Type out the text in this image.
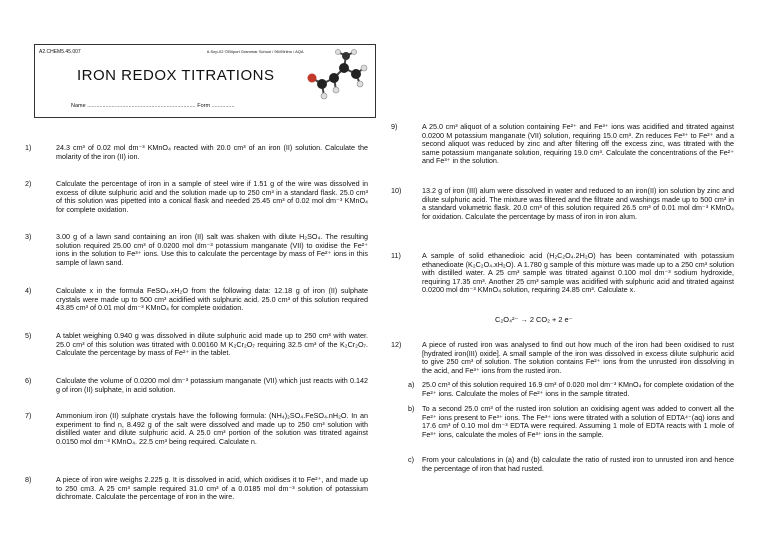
A2.CHEM5.45.007	6-Sep-02 ©Elliport Grammar School / 96/09rlino / AQA
IRON REDOX TITRATIONS
Name ....................................................................... Form ...............
1)	24.3 cm³ of 0.02 mol dm⁻³ KMnO₄ reacted with 20.0 cm³ of an iron (II) solution. Calculate the molarity of the iron (II) ion.

2)	Calculate the percentage of iron in a sample of steel wire if 1.51 g of the wire was dissolved in excess of dilute sulphuric acid and the solution made up to 250 cm³ in a standard flask. 25.0 cm³ of this solution was pipetted into a conical flask and needed 25.45 cm³ of 0.02 mol dm⁻³ KMnO₄ for complete oxidation.

3)	3.00 g of a lawn sand containing an iron (II) salt was shaken with dilute H₂SO₄. The resulting solution required 25.00 cm³ of 0.0200 mol dm⁻³ potassium manganate (VII) to oxidise the Fe²⁺ ions in the solution to Fe³⁺ ions. Use this to calculate the percentage by mass of Fe²⁺ ions in this sample of lawn sand.

4)	Calculate x in the formula FeSO₄.xH₂O from the following data: 12.18 g of iron (II) sulphate crystals were made up to 500 cm³ acidified with sulphuric acid. 25.0 cm³ of this solution required 43.85 cm³ of 0.01 mol dm⁻³ KMnO₄ for complete oxidation.

5)	A tablet weighing 0.940 g was dissolved in dilute sulphuric acid made up to 250 cm³ with water. 25.0 cm³ of this solution was titrated with 0.00160 M K₂Cr₂O₇ requiring 32.5 cm³ of the K₂Cr₂O₇. Calculate the percentage by mass of Fe²⁺ in the tablet.

6)	Calculate the volume of 0.0200 mol dm⁻³ potassium manganate (VII) which just reacts with 0.142 g of iron (II) sulphate, in acid solution.

7)	Ammonium iron (II) sulphate crystals have the following formula: (NH₄)₂SO₄.FeSO₄.nH₂O. In an experiment to find n, 8.492 g of the salt were dissolved and made up to 250 cm³ solution with distilled water and dilute sulphuric acid. A 25.0 cm³ portion of the solution was titrated against 0.0150 mol dm⁻³ KMnO₄. 22.5 cm³ being required. Calculate n.

8)	A piece of iron wire weighs 2.225 g. It is dissolved in acid, which oxidises it to Fe²⁺, and made up to 250 cm3. A 25 cm³ sample required 31.0 cm³ of a 0.0185 mol dm⁻³ solution of potassium dichromate. Calculate the percentage of iron in the wire.

9)	A 25.0 cm³ aliquot of a solution containing Fe²⁺ and Fe³⁺ ions was acidified and titrated against 0.0200 M potassium manganate (VII) solution, requiring 15.0 cm³. Zn reduces Fe³⁺ to Fe²⁺ and a second aliquot was reduced by zinc and after filtering off the excess zinc, was titrated with the same potassium manganate solution, requiring 19.0 cm³. Calculate the concentrations of the Fe²⁺ and Fe³⁺ in the solution.

10)	13.2 g of iron (III) alum were dissolved in water and reduced to an iron(II) ion solution by zinc and dilute sulphuric acid. The mixture was filtered and the filtrate and washings made up to 500 cm³ in a standard volumetric flask. 20.0 cm³ of this solution required 26.5 cm³ of 0.01 mol dm⁻³ KMnO₄ for oxidation. Calculate the percentage by mass of iron in iron alum.

11)	A sample of solid ethanedioic acid (H₂C₂O₄.2H₂O) has been contaminated with potassium ethanedioate (K₂C₂O₄.xH₂O). A 1.780 g sample of this mixture was made up to a 250 cm³ solution with distilled water. A 25 cm³ sample was titrated against 0.100 mol dm⁻³ sodium hydroxide, requiring 17.35 cm³. Another 25 cm³ sample was acidified with sulphuric acid and titrated against 0.0200 mol dm⁻³ KMnO₄ solution, requiring 24.85 cm³. Calculate x.

C₂O₄²⁻ → 2 CO₂ + 2 e⁻
12)	A piece of rusted iron was analysed to find out how much of the iron had been oxidised to rust [hydrated iron(III) oxide]. A small sample of the iron was dissolved in excess dilute sulphuric acid to give 250 cm³ of solution. The solution contains Fe²⁺ ions from the unrusted iron dissolving in the acid, and Fe³⁺ ions from the rusted iron.

a) 25.0 cm³ of this solution required 16.9 cm³ of 0.020 mol dm⁻³ KMnO₄ for complete oxidation of the Fe²⁺ ions. Calculate the moles of Fe²⁺ ions in the sample titrated.

b) To a second 25.0 cm³ of the rusted iron solution an oxidising agent was added to convert all the Fe²⁺ ions present to Fe³⁺ ions. The Fe³⁺ ions were titrated with a solution of EDTA⁴⁻(aq) ions and 17.6 cm³ of 0.10 mol dm⁻³ EDTA were required. Assuming 1 mole of EDTA reacts with 1 mole of Fe³⁺ ions, calculate the moles of Fe³⁺ ions in the sample.

c) From your calculations in (a) and (b) calculate the ratio of rusted iron to unrusted iron and hence the percentage of iron that had rusted.
